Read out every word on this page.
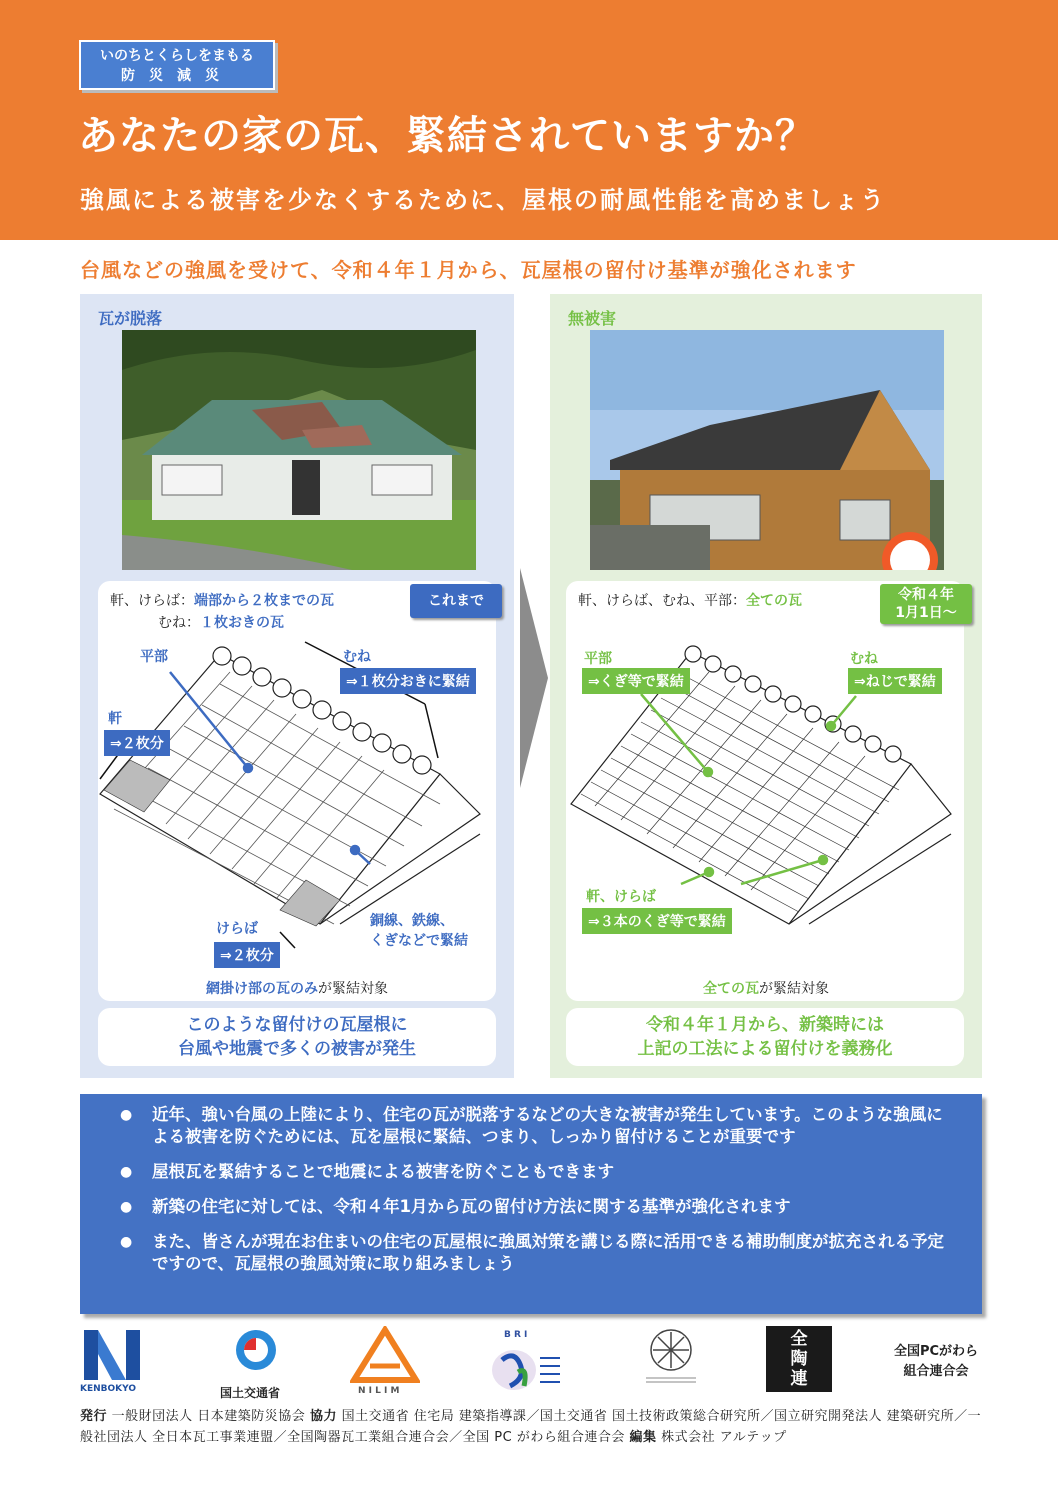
いのちとくらしをまもる
防災減災
あなたの家の瓦、緊結されていますか？
強風による被害を少なくするために、屋根の耐風性能を高めましょう
台風などの強風を受けて、令和４年１月から、瓦屋根の留付け基準が強化されます
瓦が脱落
これまで
軒、けらば：端部から２枚までの瓦
むね：１枚おきの瓦
平部
軒
⇒２枚分
むね
⇒１枚分おきに緊結
銅線、鉄線、
くぎなどで緊結
けらば
⇒２枚分
網掛け部の瓦のみが緊結対象
このような留付けの瓦屋根に
台風や地震で多くの被害が発生
無被害
令和４年
1月1日〜
軒、けらば、むね、平部：全ての瓦
平部
⇒くぎ等で緊結
むね
⇒ねじで緊結
軒、けらば
⇒３本のくぎ等で緊結
全ての瓦が緊結対象
令和４年１月から、新築時には
上記の工法による留付けを義務化
● 近年、強い台風の上陸により、住宅の瓦が脱落するなどの大きな被害が発生しています。このような強風による被害を防ぐためには、瓦を屋根に緊結、つまり、しっかり留付けることが重要です
● 屋根瓦を緊結することで地震による被害を防ぐこともできます
● 新築の住宅に対しては、令和４年1月から瓦の留付け方法に関する基準が強化されます
● また、皆さんが現在お住まいの住宅の瓦屋根に強風対策を講じる際に活用できる補助制度が拡充される予定ですので、瓦屋根の強風対策に取り組みましょう
KENBOKYO	国土交通省	N I L I M
B R I	全
陶
連
全国PCがわら
組合連合会
発行 一般財団法人 日本建築防災協会 協力 国土交通省 住宅局 建築指導課／国土交通省 国土技術政策総合研究所／国立研究開発法人 建築研究所／一般社団法人 全日本瓦工事業連盟／全国陶器瓦工業組合連合会／全国 PC がわら組合連合会 編集 株式会社 アルテップ
